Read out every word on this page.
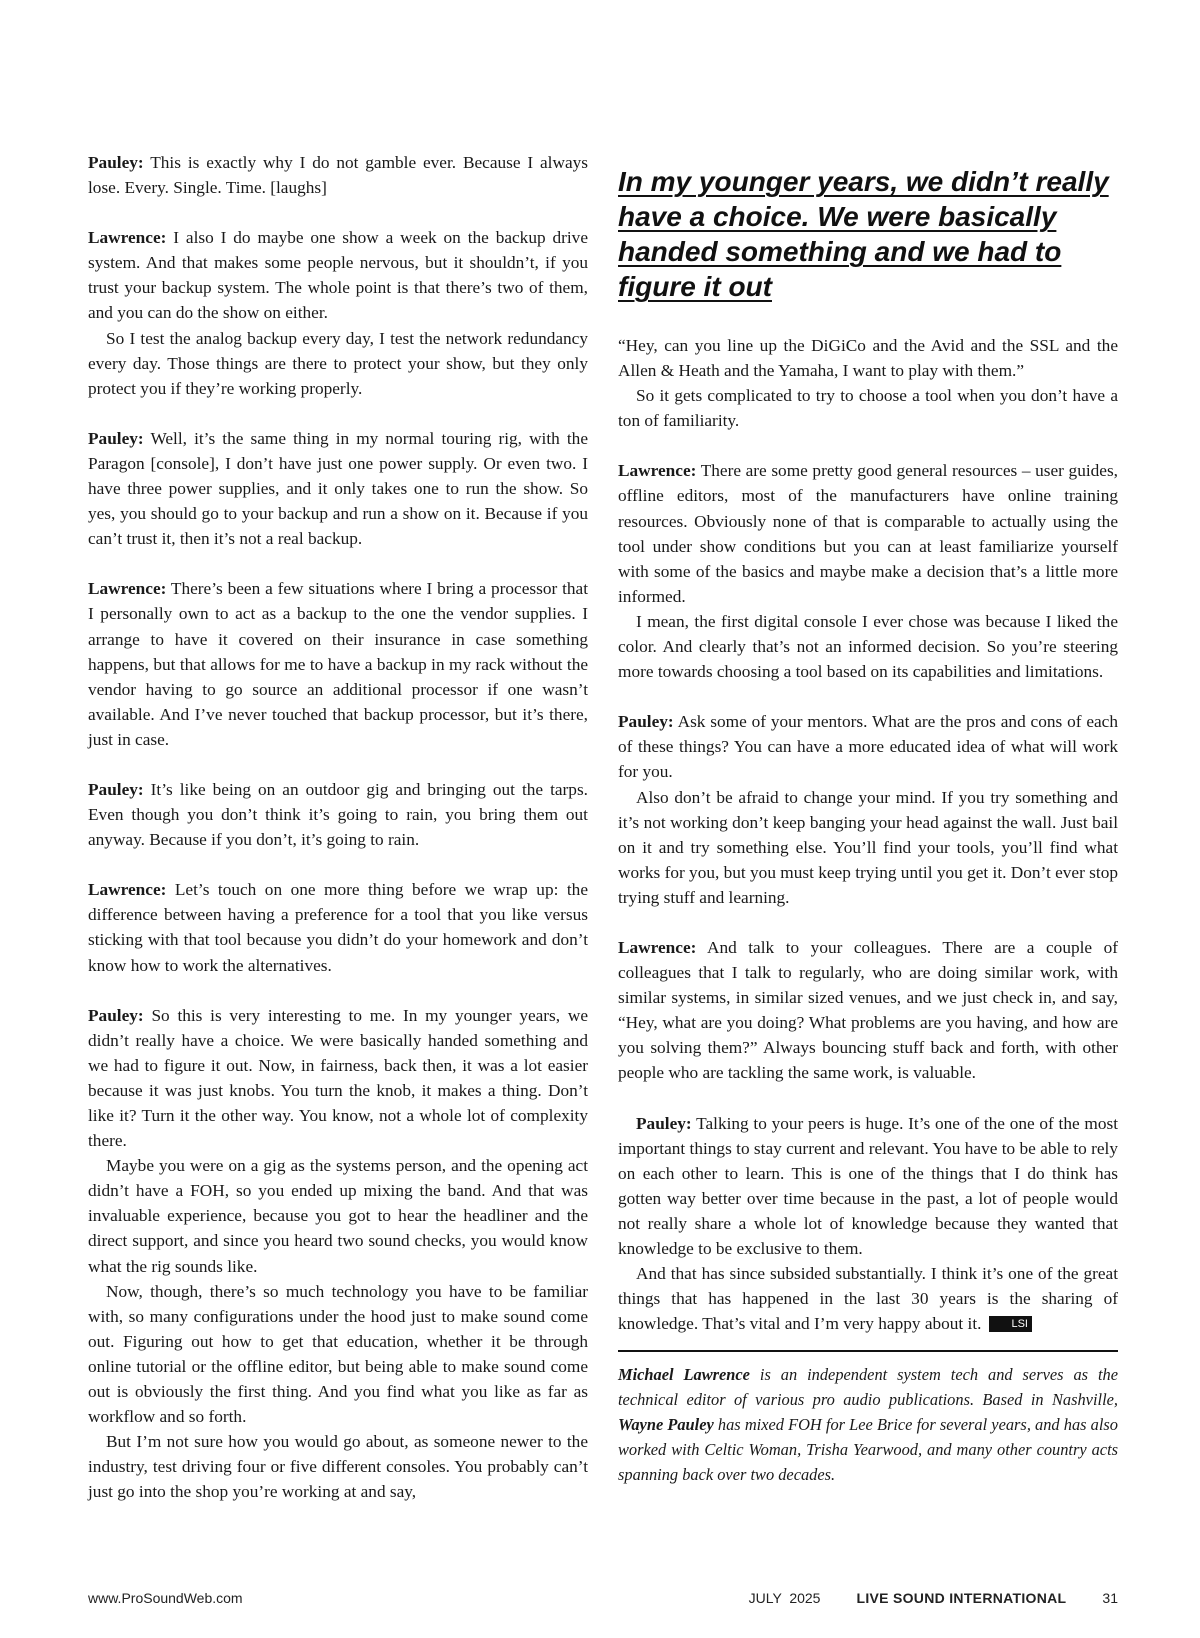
Pauley: This is exactly why I do not gamble ever. Because I always lose. Every. Single. Time. [laughs]

Lawrence: I also I do maybe one show a week on the backup drive system. And that makes some people nervous, but it shouldn’t, if you trust your backup system. The whole point is that there’s two of them, and you can do the show on either.

So I test the analog backup every day, I test the network redundancy every day. Those things are there to protect your show, but they only protect you if they’re working properly.

Pauley: Well, it’s the same thing in my normal touring rig, with the Paragon [console], I don’t have just one power supply. Or even two. I have three power supplies, and it only takes one to run the show. So yes, you should go to your backup and run a show on it. Because if you can’t trust it, then it’s not a real backup.

Lawrence: There’s been a few situations where I bring a processor that I personally own to act as a backup to the one the vendor supplies. I arrange to have it covered on their insurance in case something happens, but that allows for me to have a backup in my rack without the vendor having to go source an additional processor if one wasn’t available. And I’ve never touched that backup processor, but it’s there, just in case.

Pauley: It’s like being on an outdoor gig and bringing out the tarps. Even though you don’t think it’s going to rain, you bring them out anyway. Because if you don’t, it’s going to rain.

Lawrence: Let’s touch on one more thing before we wrap up: the difference between having a preference for a tool that you like versus sticking with that tool because you didn’t do your homework and don’t know how to work the alternatives.

Pauley: So this is very interesting to me. In my younger years, we didn’t really have a choice. We were basically handed something and we had to figure it out. Now, in fairness, back then, it was a lot easier because it was just knobs. You turn the knob, it makes a thing. Don’t like it? Turn it the other way. You know, not a whole lot of complexity there.

Maybe you were on a gig as the systems person, and the opening act didn’t have a FOH, so you ended up mixing the band. And that was invaluable experience, because you got to hear the headliner and the direct support, and since you heard two sound checks, you would know what the rig sounds like.

Now, though, there’s so much technology you have to be familiar with, so many configurations under the hood just to make sound come out. Figuring out how to get that education, whether it be through online tutorial or the offline editor, but being able to make sound come out is obviously the first thing. And you find what you like as far as workflow and so forth.

But I’m not sure how you would go about, as someone newer to the industry, test driving four or five different consoles. You probably can’t just go into the shop you’re working at and say,

In my younger years, we didn’t really have a choice. We were basically handed something and we had to figure it out

“Hey, can you line up the DiGiCo and the Avid and the SSL and the Allen & Heath and the Yamaha, I want to play with them.”

So it gets complicated to try to choose a tool when you don’t have a ton of familiarity.

Lawrence: There are some pretty good general resources – user guides, offline editors, most of the manufacturers have online training resources. Obviously none of that is comparable to actually using the tool under show conditions but you can at least familiarize yourself with some of the basics and maybe make a decision that’s a little more informed.

I mean, the first digital console I ever chose was because I liked the color. And clearly that’s not an informed decision. So you’re steering more towards choosing a tool based on its capabilities and limitations.

Pauley: Ask some of your mentors. What are the pros and cons of each of these things? You can have a more educated idea of what will work for you.

Also don’t be afraid to change your mind. If you try something and it’s not working don’t keep banging your head against the wall. Just bail on it and try something else. You’ll find your tools, you’ll find what works for you, but you must keep trying until you get it. Don’t ever stop trying stuff and learning.

Lawrence: And talk to your colleagues. There are a couple of colleagues that I talk to regularly, who are doing similar work, with similar systems, in similar sized venues, and we just check in, and say, “Hey, what are you doing? What problems are you having, and how are you solving them?” Always bouncing stuff back and forth, with other people who are tackling the same work, is valuable.

Pauley: Talking to your peers is huge. It’s one of the one of the most important things to stay current and relevant. You have to be able to rely on each other to learn. This is one of the things that I do think has gotten way better over time because in the past, a lot of people would not really share a whole lot of knowledge because they wanted that knowledge to be exclusive to them.

And that has since subsided substantially. I think it’s one of the great things that has happened in the last 30 years is the sharing of knowledge. That’s vital and I’m very happy about it.	LSI

Michael Lawrence is an independent system tech and serves as the technical editor of various pro audio publications. Based in Nashville, Wayne Pauley has mixed FOH for Lee Brice for several years, and has also worked with Celtic Woman, Trisha Yearwood, and many other country acts spanning back over two decades.
www.ProSoundWeb.com	JULY  2025	LIVE SOUND INTERNATIONAL	31
